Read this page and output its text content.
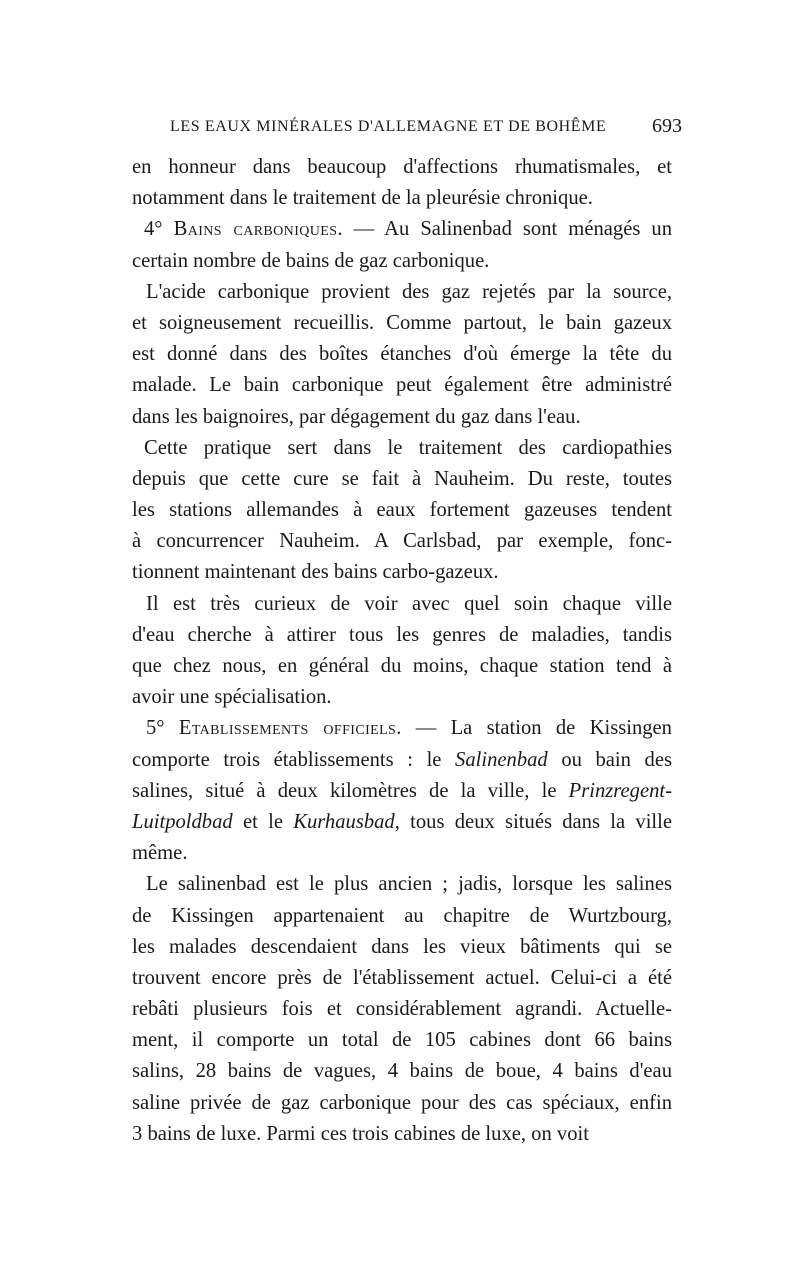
LES EAUX MINÉRALES D'ALLEMAGNE ET DE BOHÊME 693
en honneur dans beaucoup d'affections rhumatismales, et
notamment dans le traitement de la pleurésie chronique.
4° Bains carboniques. — Au Salinenbad sont ménagés un
certain nombre de bains de gaz carbonique.
L'acide carbonique provient des gaz rejetés par la source,
et soigneusement recueillis. Comme partout, le bain gazeux
est donné dans des boîtes étanches d'où émerge la tête du
malade. Le bain carbonique peut également être administré
dans les baignoires, par dégagement du gaz dans l'eau.
Cette pratique sert dans le traitement des cardiopathies
depuis que cette cure se fait à Nauheim. Du reste, toutes
les stations allemandes à eaux fortement gazeuses tendent
à concurrencer Nauheim. A Carlsbad, par exemple, fonc-
tionnent maintenant des bains carbo-gazeux.
Il est très curieux de voir avec quel soin chaque ville
d'eau cherche à attirer tous les genres de maladies, tandis
que chez nous, en général du moins, chaque station tend à
avoir une spécialisation.
5° Etablissements officiels. — La station de Kissingen
comporte trois établissements : le Salinenbad ou bain des
salines, situé à deux kilomètres de la ville, le Prinzregent-
Luitpoldbad et le Kurhausbad, tous deux situés dans la ville
même.
Le salinenbad est le plus ancien ; jadis, lorsque les salines
de Kissingen appartenaient au chapitre de Wurtzbourg,
les malades descendaient dans les vieux bâtiments qui se
trouvent encore près de l'établissement actuel. Celui-ci a été
rebâti plusieurs fois et considérablement agrandi. Actuelle-
ment, il comporte un total de 105 cabines dont 66 bains
salins, 28 bains de vagues, 4 bains de boue, 4 bains d'eau
saline privée de gaz carbonique pour des cas spéciaux, enfin
3 bains de luxe. Parmi ces trois cabines de luxe, on voit
